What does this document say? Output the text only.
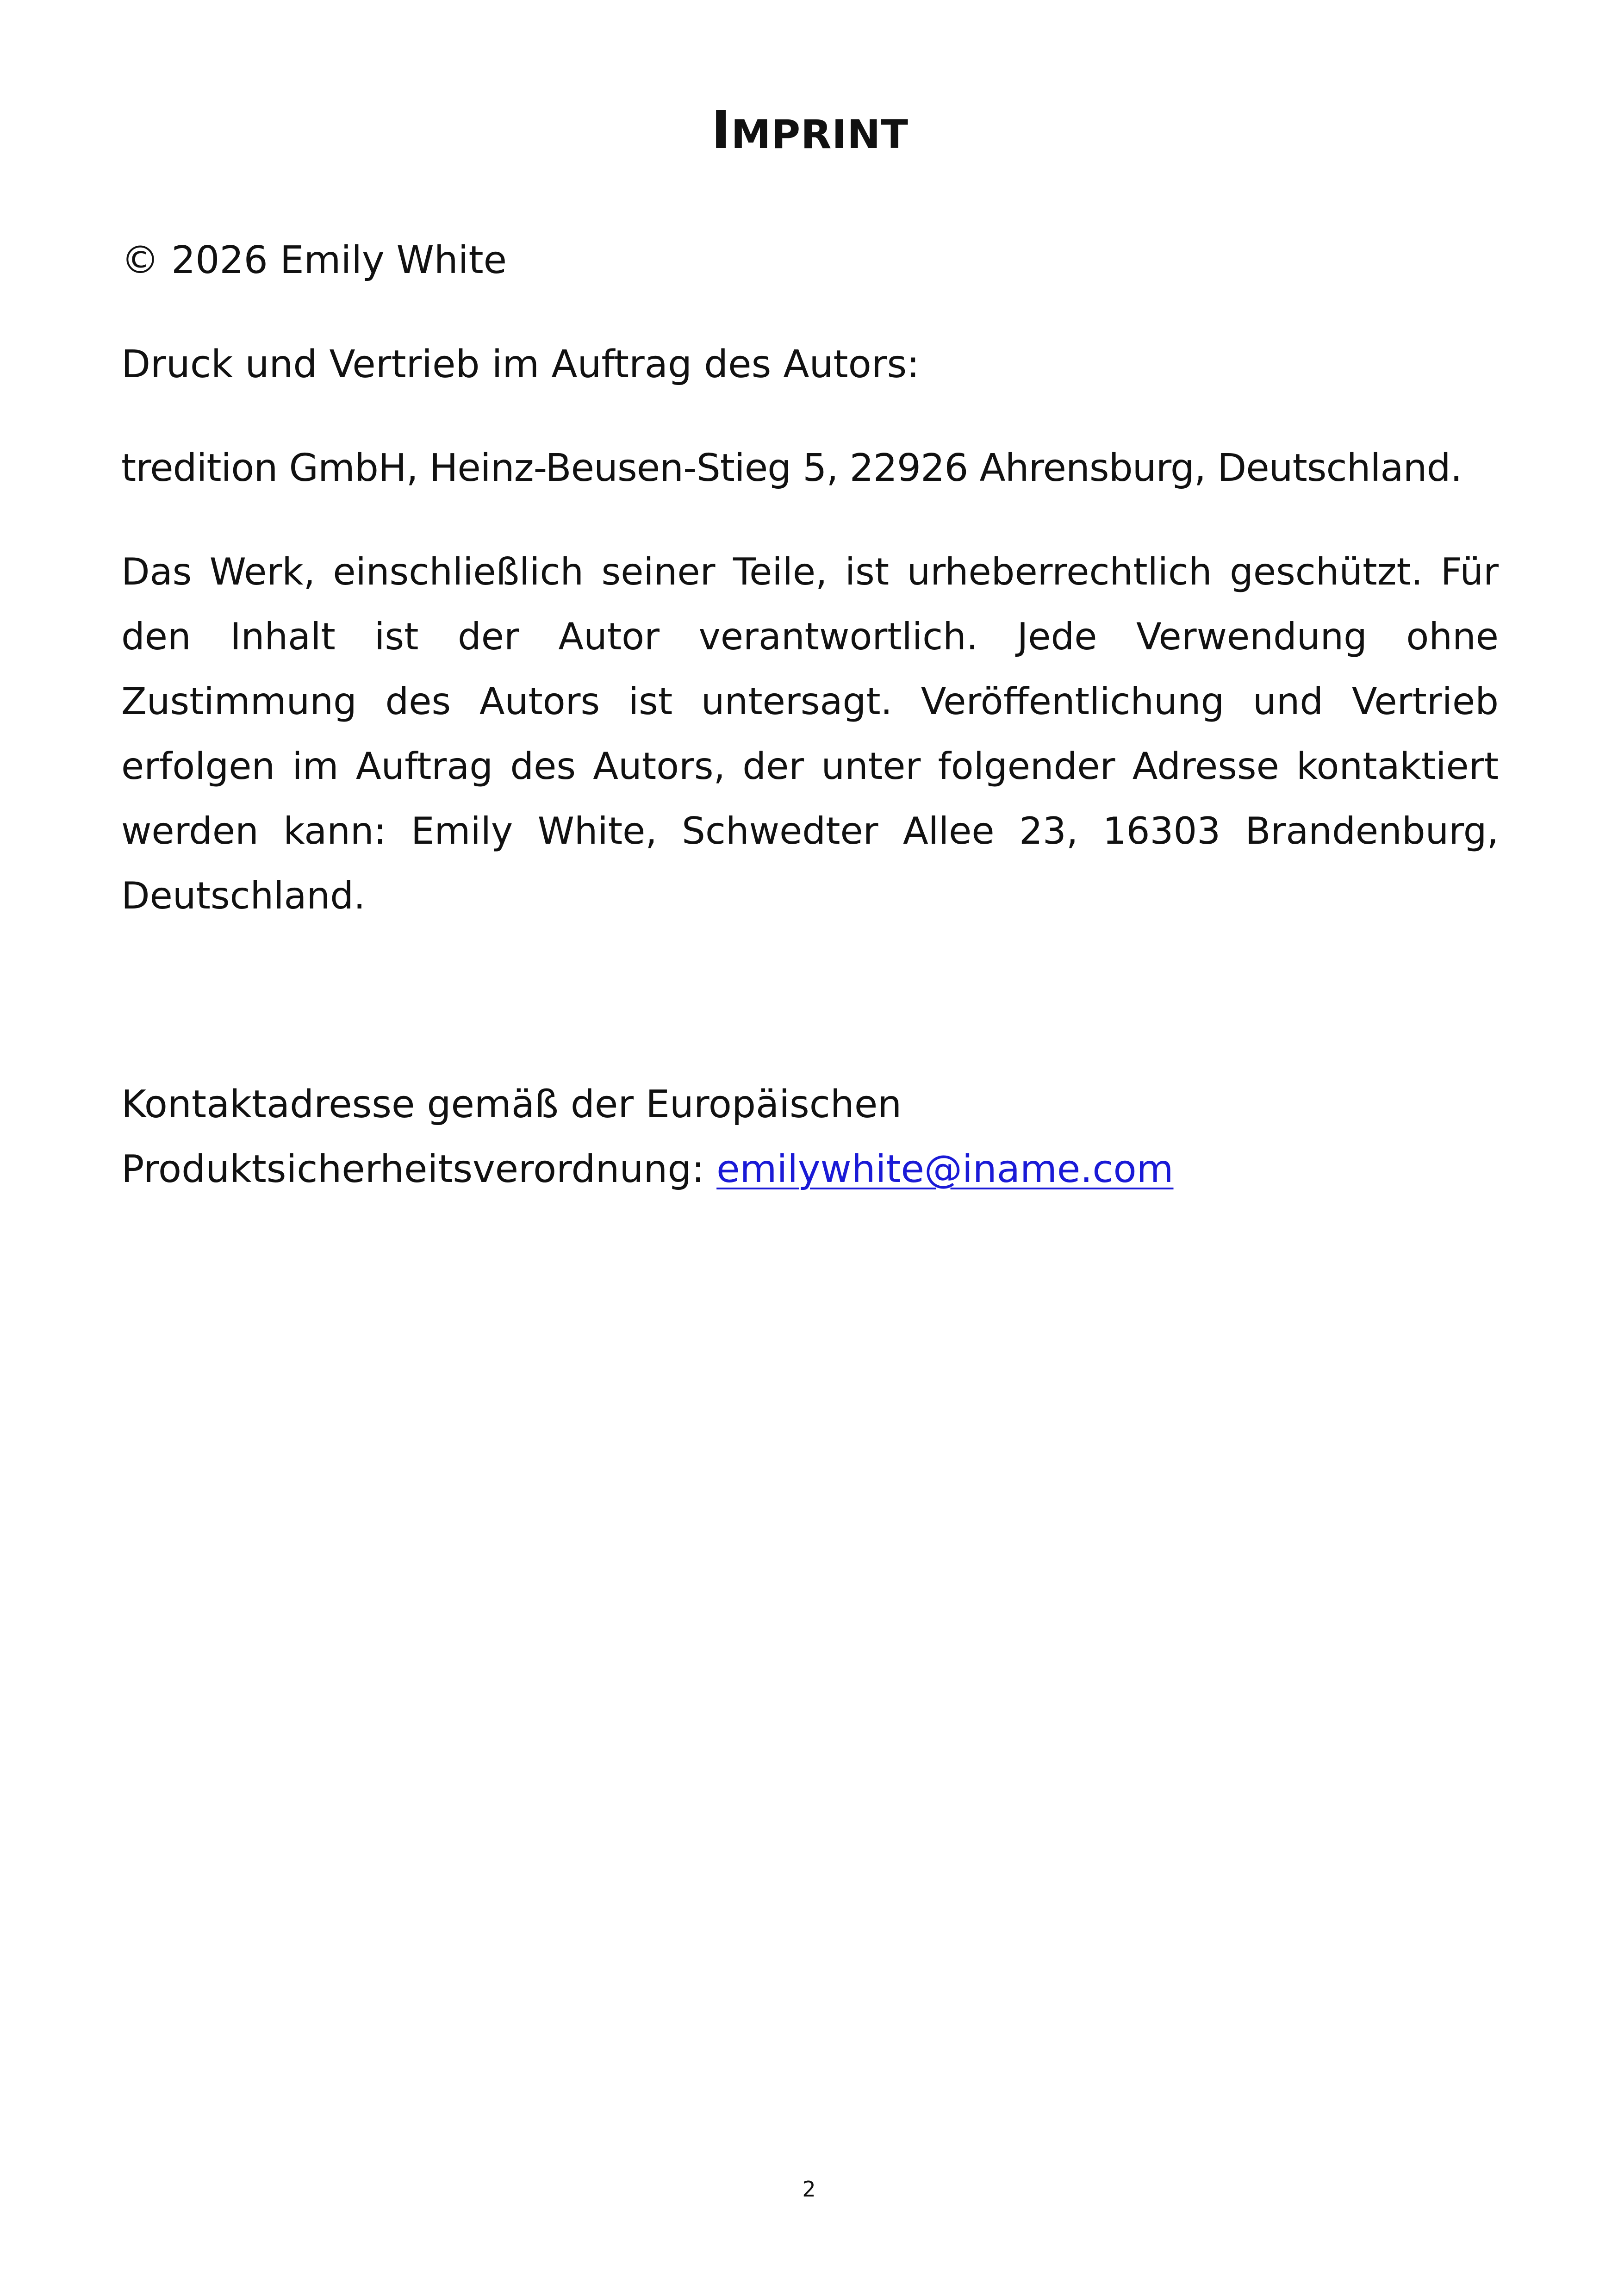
IMPRINT

© 2026 Emily White

Druck und Vertrieb im Auftrag des Autors:

tredition GmbH, Heinz-Beusen-Stieg 5, 22926 Ahrensburg, Deutschland.

Das Werk, einschließlich seiner Teile, ist urheberrechtlich geschützt. Für den Inhalt ist der Autor verantwortlich. Jede Verwendung ohne Zustimmung des Autors ist untersagt. Veröffentlichung und Vertrieb erfolgen im Auftrag des Autors, der unter folgender Adresse kontaktiert werden kann: Emily White, Schwedter Allee 23, 16303 Brandenburg, Deutschland.

Kontaktadresse gemäß der Europäischen
Produktsicherheitsverordnung: emilywhite@iname.com

2
